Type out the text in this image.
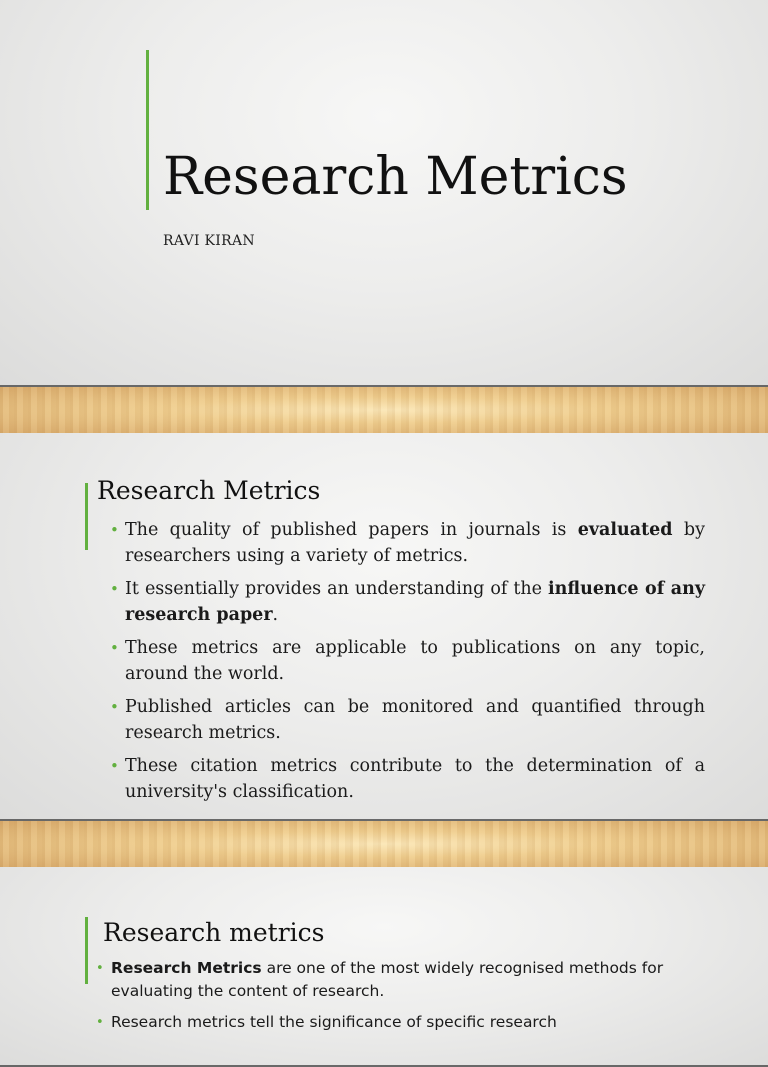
Research Metrics
RAVI KIRAN
Research Metrics
• The quality of published papers in journals is evaluated by researchers using a variety of metrics.
• It essentially provides an understanding of the influence of any research paper.
• These metrics are applicable to publications on any topic, around the world.
• Published articles can be monitored and quantified through research metrics.
• These citation metrics contribute to the determination of a university's classification.
Research metrics
• Research Metrics are one of the most widely recognised methods for evaluating the content of research.
• Research metrics tell the significance of specific research
